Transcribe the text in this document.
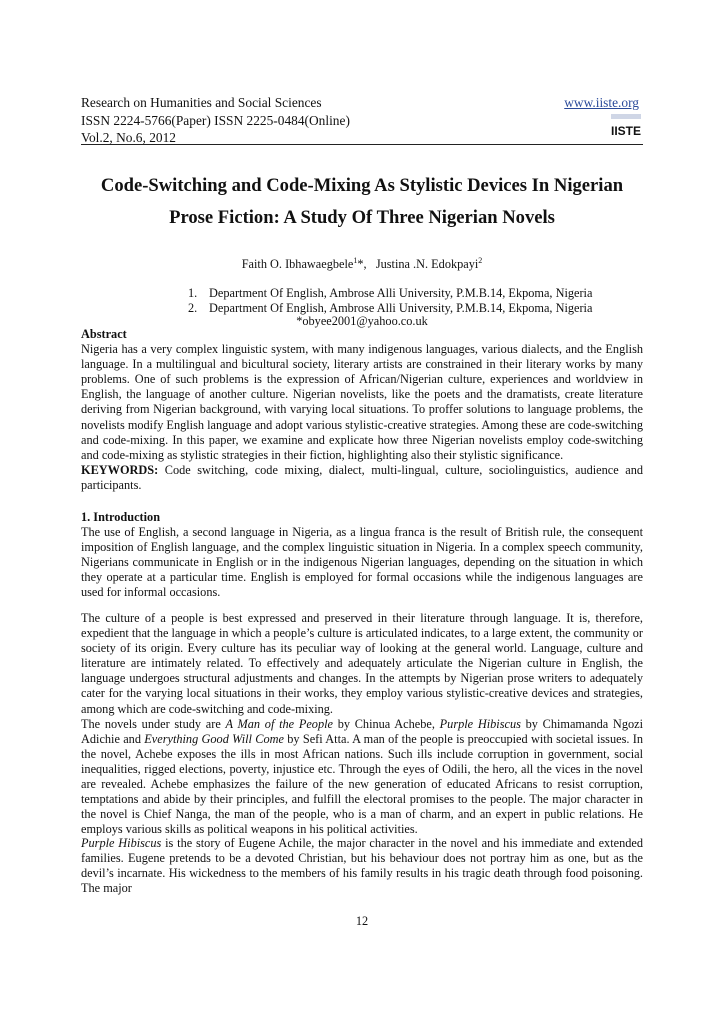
Research on Humanities and Social Sciences
ISSN 2224-5766(Paper) ISSN 2225-0484(Online)
Vol.2, No.6, 2012
www.iiste.org
IISTE
Code-Switching and Code-Mixing As Stylistic Devices In Nigerian
Prose Fiction: A Study Of Three Nigerian Novels
Faith O. Ibhawaegbele$^1$*, Justina .N. Edokpayi$^2$
1. Department Of English, Ambrose Alli University, P.M.B.14, Ekpoma, Nigeria
2. Department Of English, Ambrose Alli University, P.M.B.14, Ekpoma, Nigeria
*obyee2001@yahoo.co.uk

Abstract

Nigeria has a very complex linguistic system, with many indigenous languages, various dialects, and the English language. In a multilingual and bicultural society, literary artists are constrained in their literary works by many problems. One of such problems is the expression of African/Nigerian culture, experiences and worldview in English, the language of another culture. Nigerian novelists, like the poets and the dramatists, create literature deriving from Nigerian background, with varying local situations. To proffer solutions to language problems, the novelists modify English language and adopt various stylistic-creative strategies. Among these are code-switching and code-mixing. In this paper, we examine and explicate how three Nigerian novelists employ code-switching and code-mixing as stylistic strategies in their fiction, highlighting also their stylistic significance.

KEYWORDS: Code switching, code mixing, dialect, multi-lingual, culture, sociolinguistics, audience and participants.

1. Introduction

The use of English, a second language in Nigeria, as a lingua franca is the result of British rule, the consequent imposition of English language, and the complex linguistic situation in Nigeria. In a complex speech community, Nigerians communicate in English or in the indigenous Nigerian languages, depending on the situation in which they operate at a particular time. English is employed for formal occasions while the indigenous languages are used for informal occasions.

The culture of a people is best expressed and preserved in their literature through language. It is, therefore, expedient that the language in which a people’s culture is articulated indicates, to a large extent, the community or society of its origin. Every culture has its peculiar way of looking at the general world. Language, culture and literature are intimately related. To effectively and adequately articulate the Nigerian culture in English, the language undergoes structural adjustments and changes. In the attempts by Nigerian prose writers to adequately cater for the varying local situations in their works, they employ various stylistic-creative devices and strategies, among which are code-switching and code-mixing.

The novels under study are A Man of the People by Chinua Achebe, Purple Hibiscus by Chimamanda Ngozi Adichie and Everything Good Will Come by Sefi Atta. A man of the people is preoccupied with societal issues. In the novel, Achebe exposes the ills in most African nations. Such ills include corruption in government, social inequalities, rigged elections, poverty, injustice etc. Through the eyes of Odili, the hero, all the vices in the novel are revealed. Achebe emphasizes the failure of the new generation of educated Africans to resist corruption, temptations and abide by their principles, and fulfill the electoral promises to the people. The major character in the novel is Chief Nanga, the man of the people, who is a man of charm, and an expert in public relations. He employs various skills as political weapons in his political activities.

Purple Hibiscus is the story of Eugene Achile, the major character in the novel and his immediate and extended families. Eugene pretends to be a devoted Christian, but his behaviour does not portray him as one, but as the devil’s incarnate. His wickedness to the members of his family results in his tragic death through food poisoning. The major

12
